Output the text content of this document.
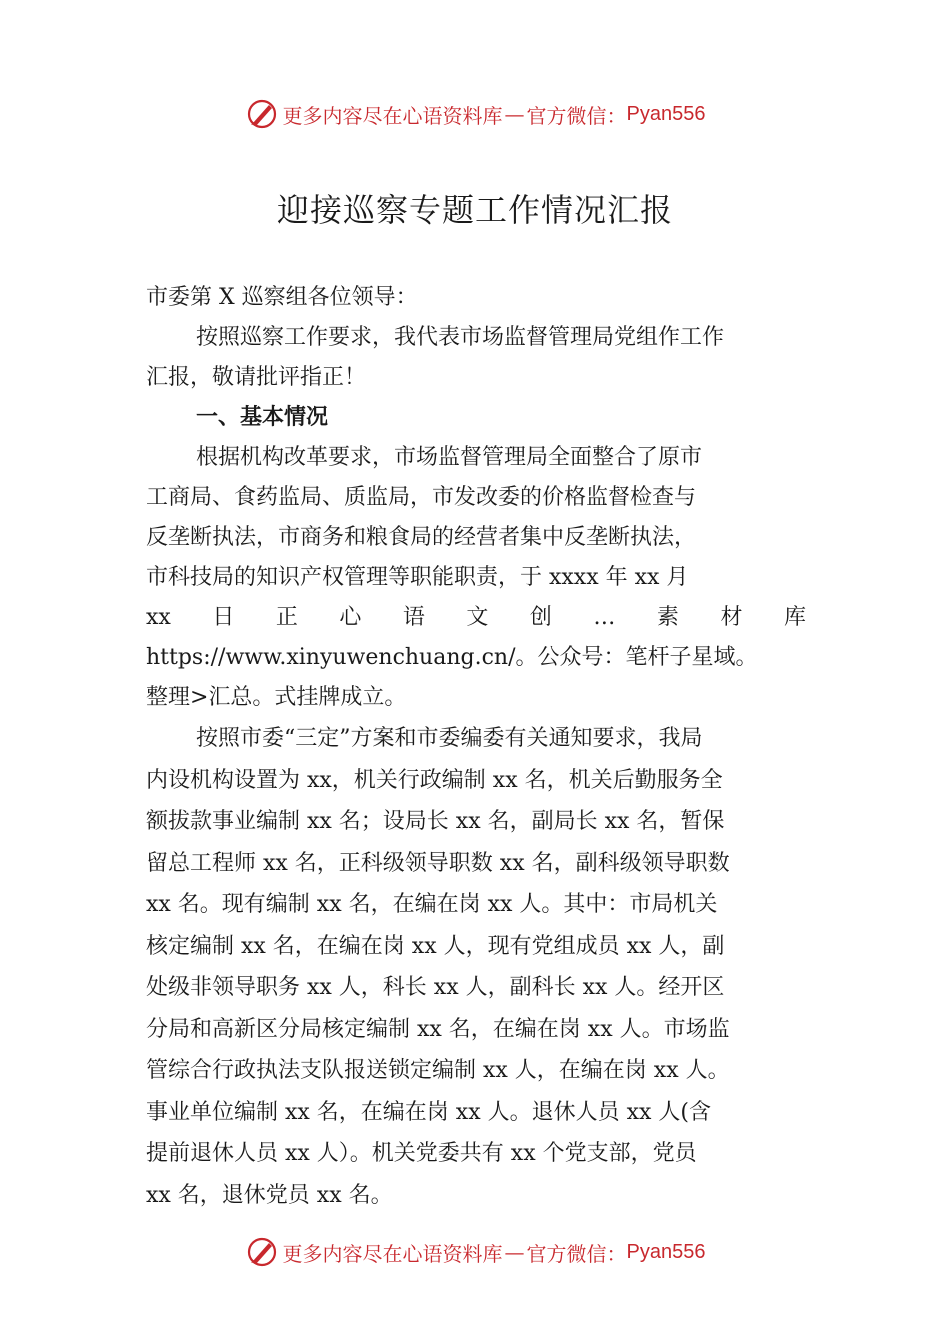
更多内容尽在心语资料库 — 官方微信： Pyan556
迎接巡察专题工作情况汇报
市委第 X 巡察组各位领导：
按照巡察工作要求，我代表市场监督管理局党组作工作
汇报，敬请批评指正！
一、基本情况
根据机构改革要求，市场监督管理局全面整合了原市
工商局、食药监局、质监局，市发改委的价格监督检查与
反垄断执法，市商务和粮食局的经营者集中反垄断执法，
市科技局的知识产权管理等职能职责，于 xxxx 年 xx 月
xx 日 正 心 语 文 创 … 素 材 库
https://www.xinyuwenchuang.cn/。公众号：笔杆子星域。
整理>汇总。式挂牌成立。
按照市委“三定”方案和市委编委有关通知要求，我局
内设机构设置为 xx，机关行政编制 xx 名，机关后勤服务全
额拔款事业编制 xx 名；设局长 xx 名，副局长 xx 名，暂保
留总工程师 xx 名，正科级领导职数 xx 名，副科级领导职数
xx 名。现有编制 xx 名，在编在岗 xx 人。其中：市局机关
核定编制 xx 名，在编在岗 xx 人，现有党组成员 xx 人，副
处级非领导职务 xx 人，科长 xx 人，副科长 xx 人。经开区
分局和高新区分局核定编制 xx 名，在编在岗 xx 人。市场监
管综合行政执法支队报送锁定编制 xx 人，在编在岗 xx 人。
事业单位编制 xx 名，在编在岗 xx 人。退休人员 xx 人(含
提前退休人员 xx 人）。机关党委共有 xx 个党支部，党员
xx 名，退休党员 xx 名。
更多内容尽在心语资料库 — 官方微信： Pyan556
